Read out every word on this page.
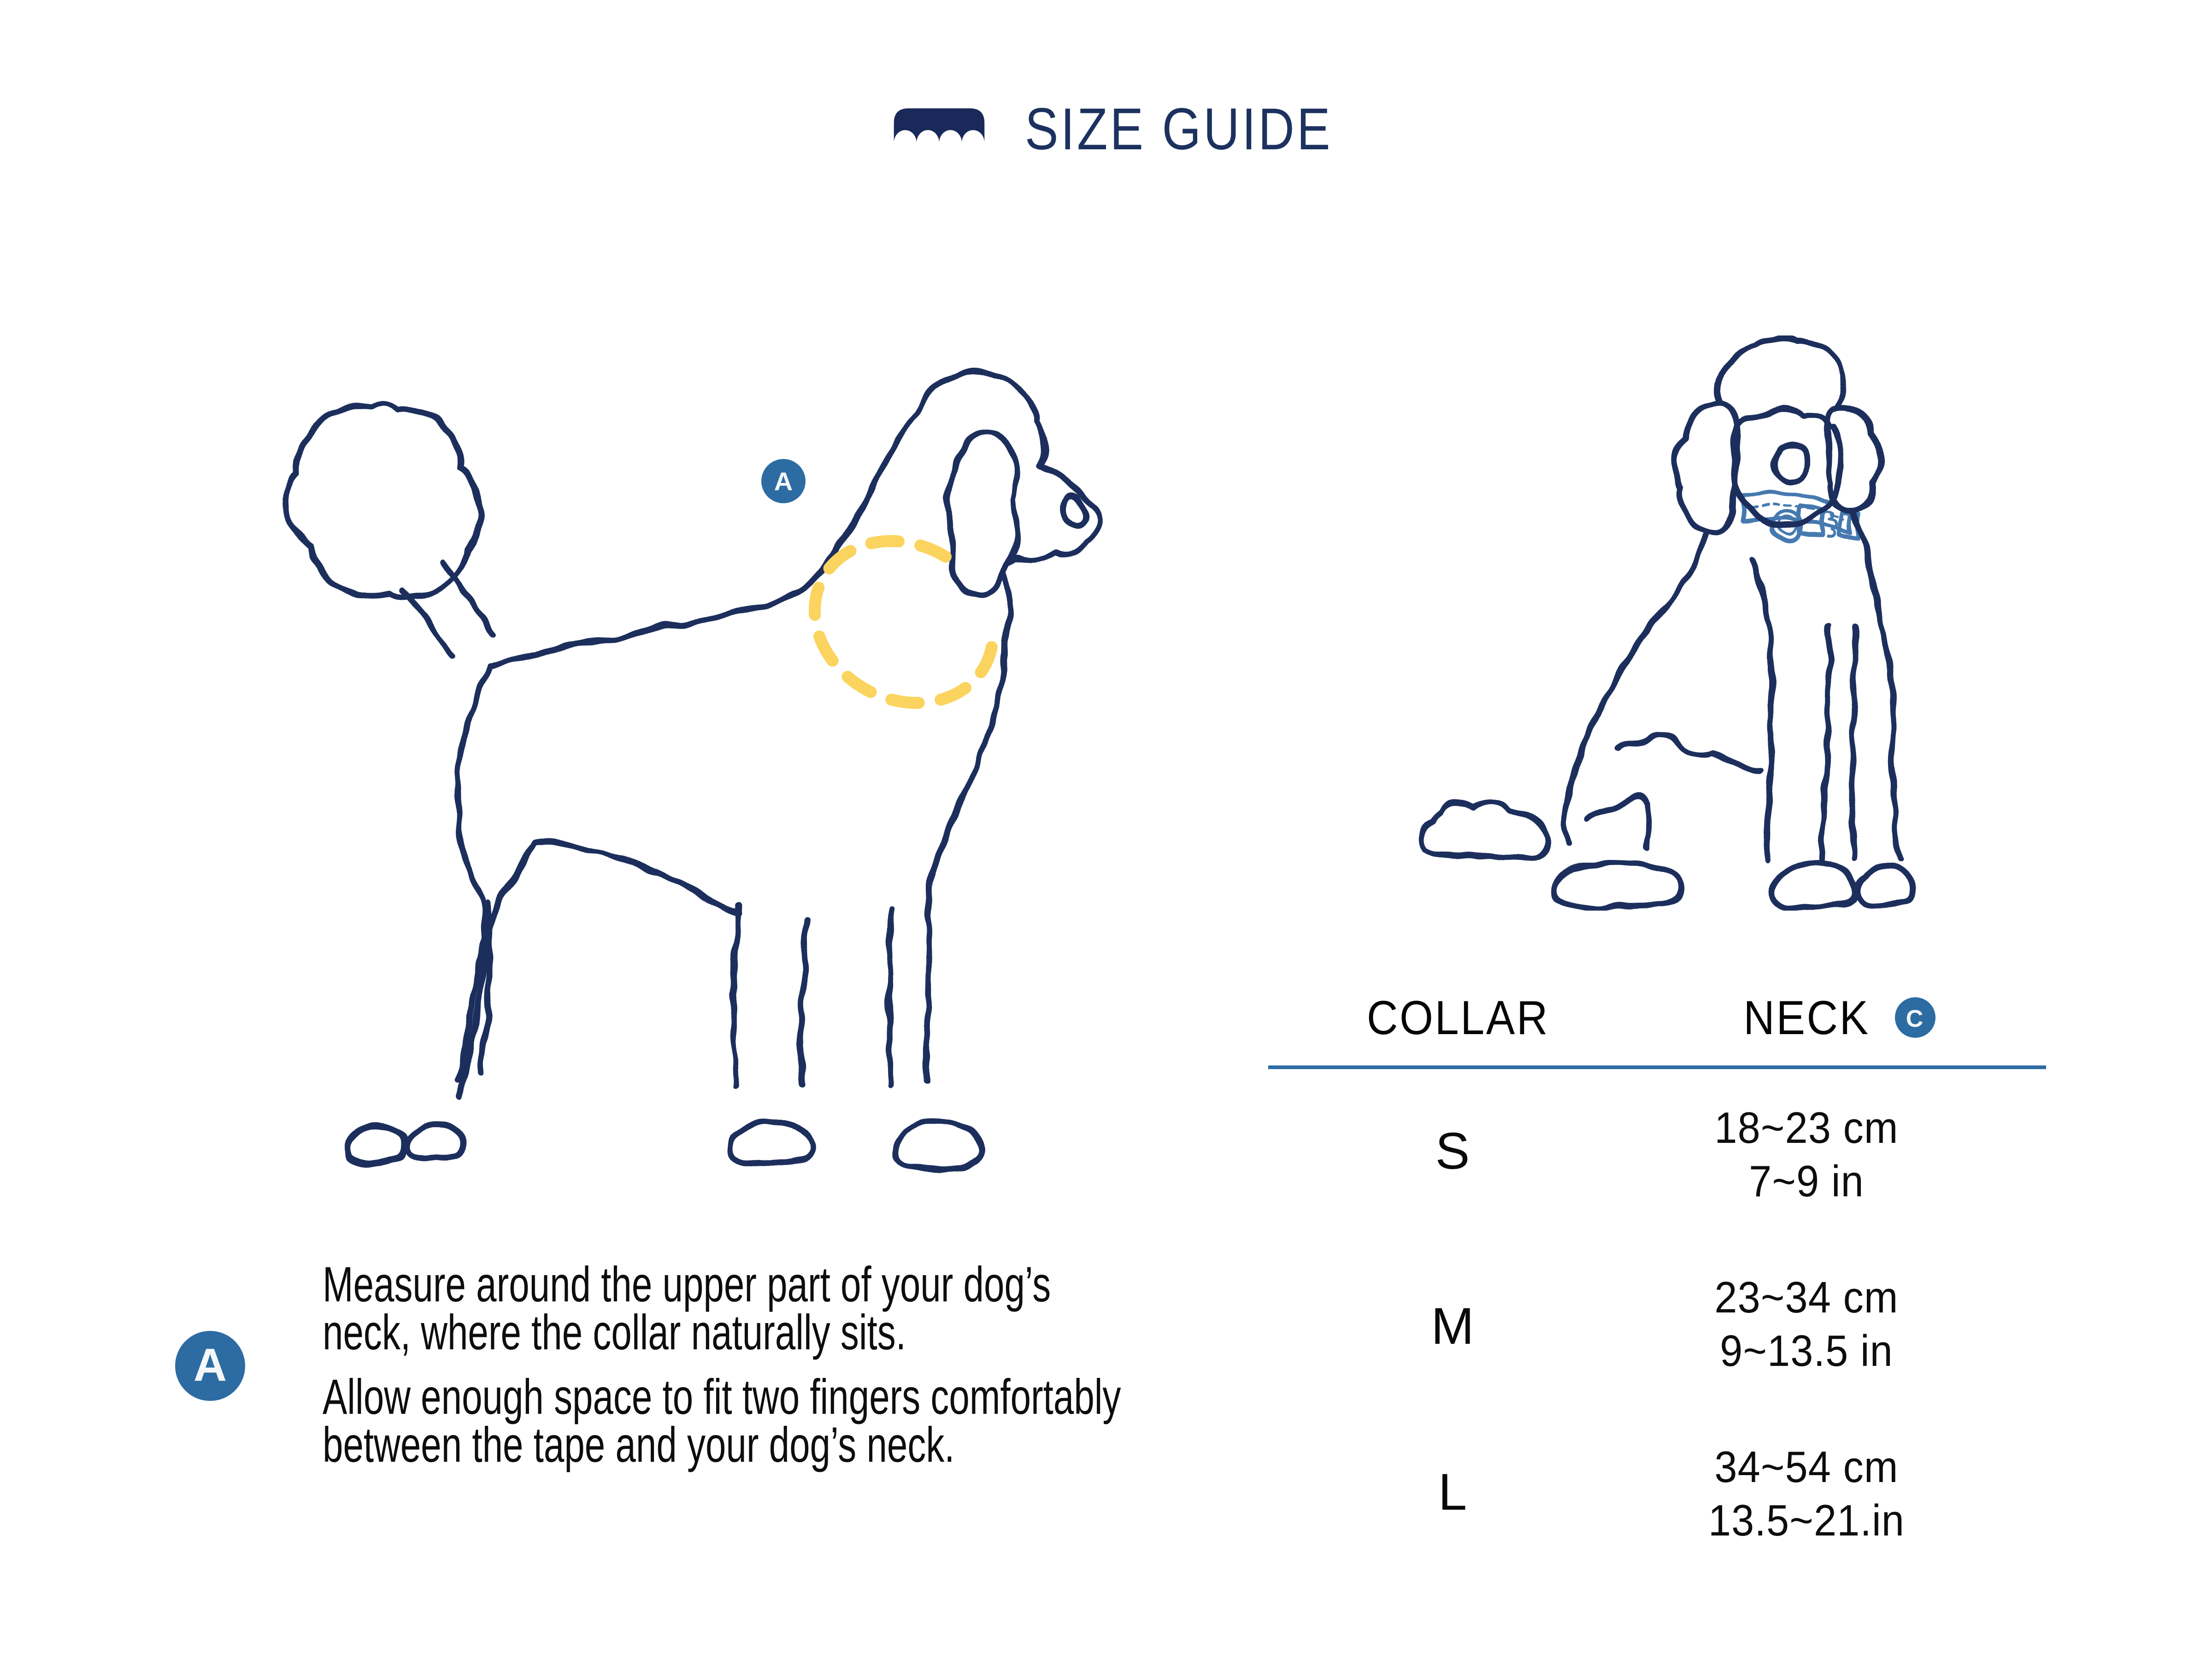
SIZE GUIDE
A
COLLAR	NECK	C
S	18~23 cm
7~9 in
M	23~34 cm
9~13.5 in
L	34~54 cm
13.5~21.in
A
Measure around the upper part of your dog’s
neck, where the collar naturally sits.
Allow enough space to fit two fingers comfortably
between the tape and your dog’s neck.
